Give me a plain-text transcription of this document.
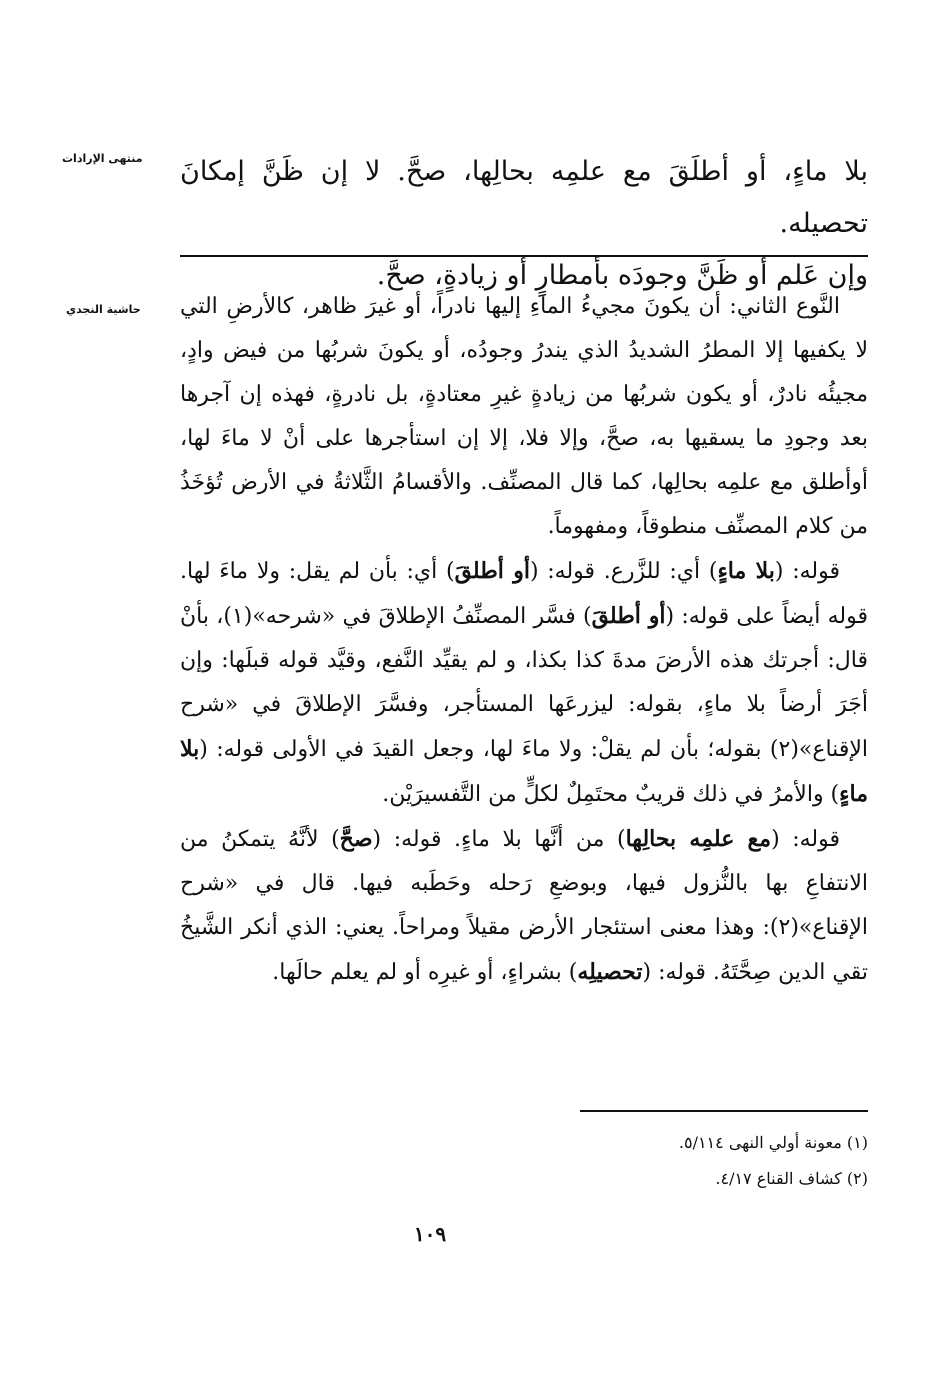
منتهى الإرادات
حاشية النجدي

بلا ماءٍ، أو أطلَقَ مع علمِه بحالِها، صحَّ. لا إن ظَنَّ إمكانَ تحصيله.

وإن عَلم أو ظَنَّ وجودَه بأمطارٍ أو زيادةٍ، صحَّ.

النَّوع الثاني: أن يكونَ مجيءُ الماءِ إليها نادراً، أو غيرَ ظاهر، كالأرضِ التي لا يكفيها إلا المطرُ الشديدُ الذي يندرُ وجودُه، أو يكونَ شربُها من فيض وادٍ، مجيئُه نادرٌ، أو يكون شربُها من زيادةٍ غيرِ معتادةٍ، بل نادرةٍ، فهذه إن آجرها بعد وجودِ ما يسقيها به، صحَّ، وإلا فلا، إلا إن استأجرها على أنْ لا ماءَ لها، أوأطلق مع علمِه بحالِها، كما قال المصنِّف. والأقسامُ الثَّلاثةُ في الأرض تُؤخَذُ من كلام المصنِّف منطوقاً، ومفهوماً.

قوله: (بلا ماءٍ) أي: للزَّرع. قوله: (أو أطلقَ) أي: بأن لم يقل: ولا ماءَ لها. قوله أيضاً على قوله: (أو أطلقَ) فسَّر المصنِّفُ الإطلاقَ في «شرحه»(١)، بأنْ قال: أجرتك هذه الأرضَ مدةَ كذا بكذا، و لم يقيِّد النَّفع، وقيَّد قوله قبلَها: وإن أجَرَ أرضاً بلا ماءٍ، بقوله: ليزرعَها المستأجر، وفسَّرَ الإطلاقَ في «شرح الإقناع»(٢) بقوله؛ بأن لم يقلْ: ولا ماءَ لها، وجعل القيدَ في الأولى قوله: (بلا ماءٍ) والأمرُ في ذلك قريبٌ محتَمِلٌ لكلٍّ من التَّفسيرَيْن.

قوله: (مع علمِه بحالِها) من أنَّها بلا ماءٍ. قوله: (صحَّ) لأنَّهُ يتمكنُ من الانتفاعِ بها بالنُّزول فيها، وبوضعِ رَحله وحَطَبه فيها. قال في «شرح الإقناع»(٢): وهذا معنى استئجار الأرض مقيلاً ومراحاً. يعني: الذي أنكر الشَّيخُ تقي الدين صِحَّتَهُ. قوله: (تحصيلِه) بشراءٍ، أو غيرِه أو لم يعلم حالَها.

(١) معونة أولي النهى ٥/١١٤.

(٢) كشاف القناع ٤/١٧.

١٠٩
